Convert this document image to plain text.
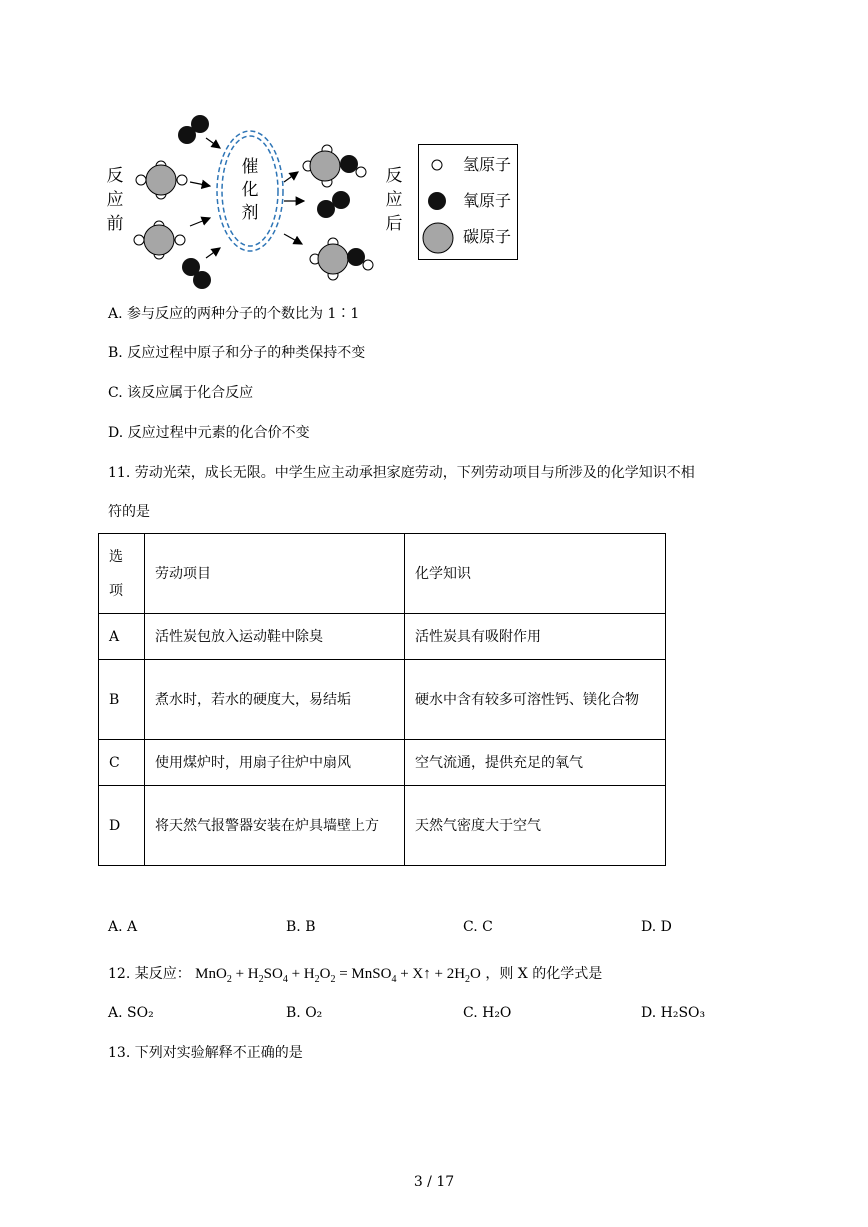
反应前
反应后
催化剂
氢原子
氧原子
碳原子
A. 参与反应的两种分子的个数比为 1∶1
B. 反应过程中原子和分子的种类保持不变
C. 该反应属于化合反应
D. 反应过程中元素的化合价不变
11. 劳动光荣，成长无限。中学生应主动承担家庭劳动，下列劳动项目与所涉及的化学知识不相
符的是
选项	劳动项目	化学知识
A	活性炭包放入运动鞋中除臭	活性炭具有吸附作用
B	煮水时，若水的硬度大，易结垢	硬水中含有较多可溶性钙、镁化合物
C	使用煤炉时，用扇子往炉中扇风	空气流通，提供充足的氧气
D	将天然气报警器安装在炉具墙壁上方	天然气密度大于空气
A. A	B. B	C. C	D. D
12. 某反应： $MnO_2 + H_2SO_4 + H_2O_2$ = MnSO$_4$ + X↑ + $2H_2O$ ，则 X 的化学式是
A. SO₂	B. O₂	C. H₂O	D. H₂SO₃
13. 下列对实验解释不正确的是
3 / 17
